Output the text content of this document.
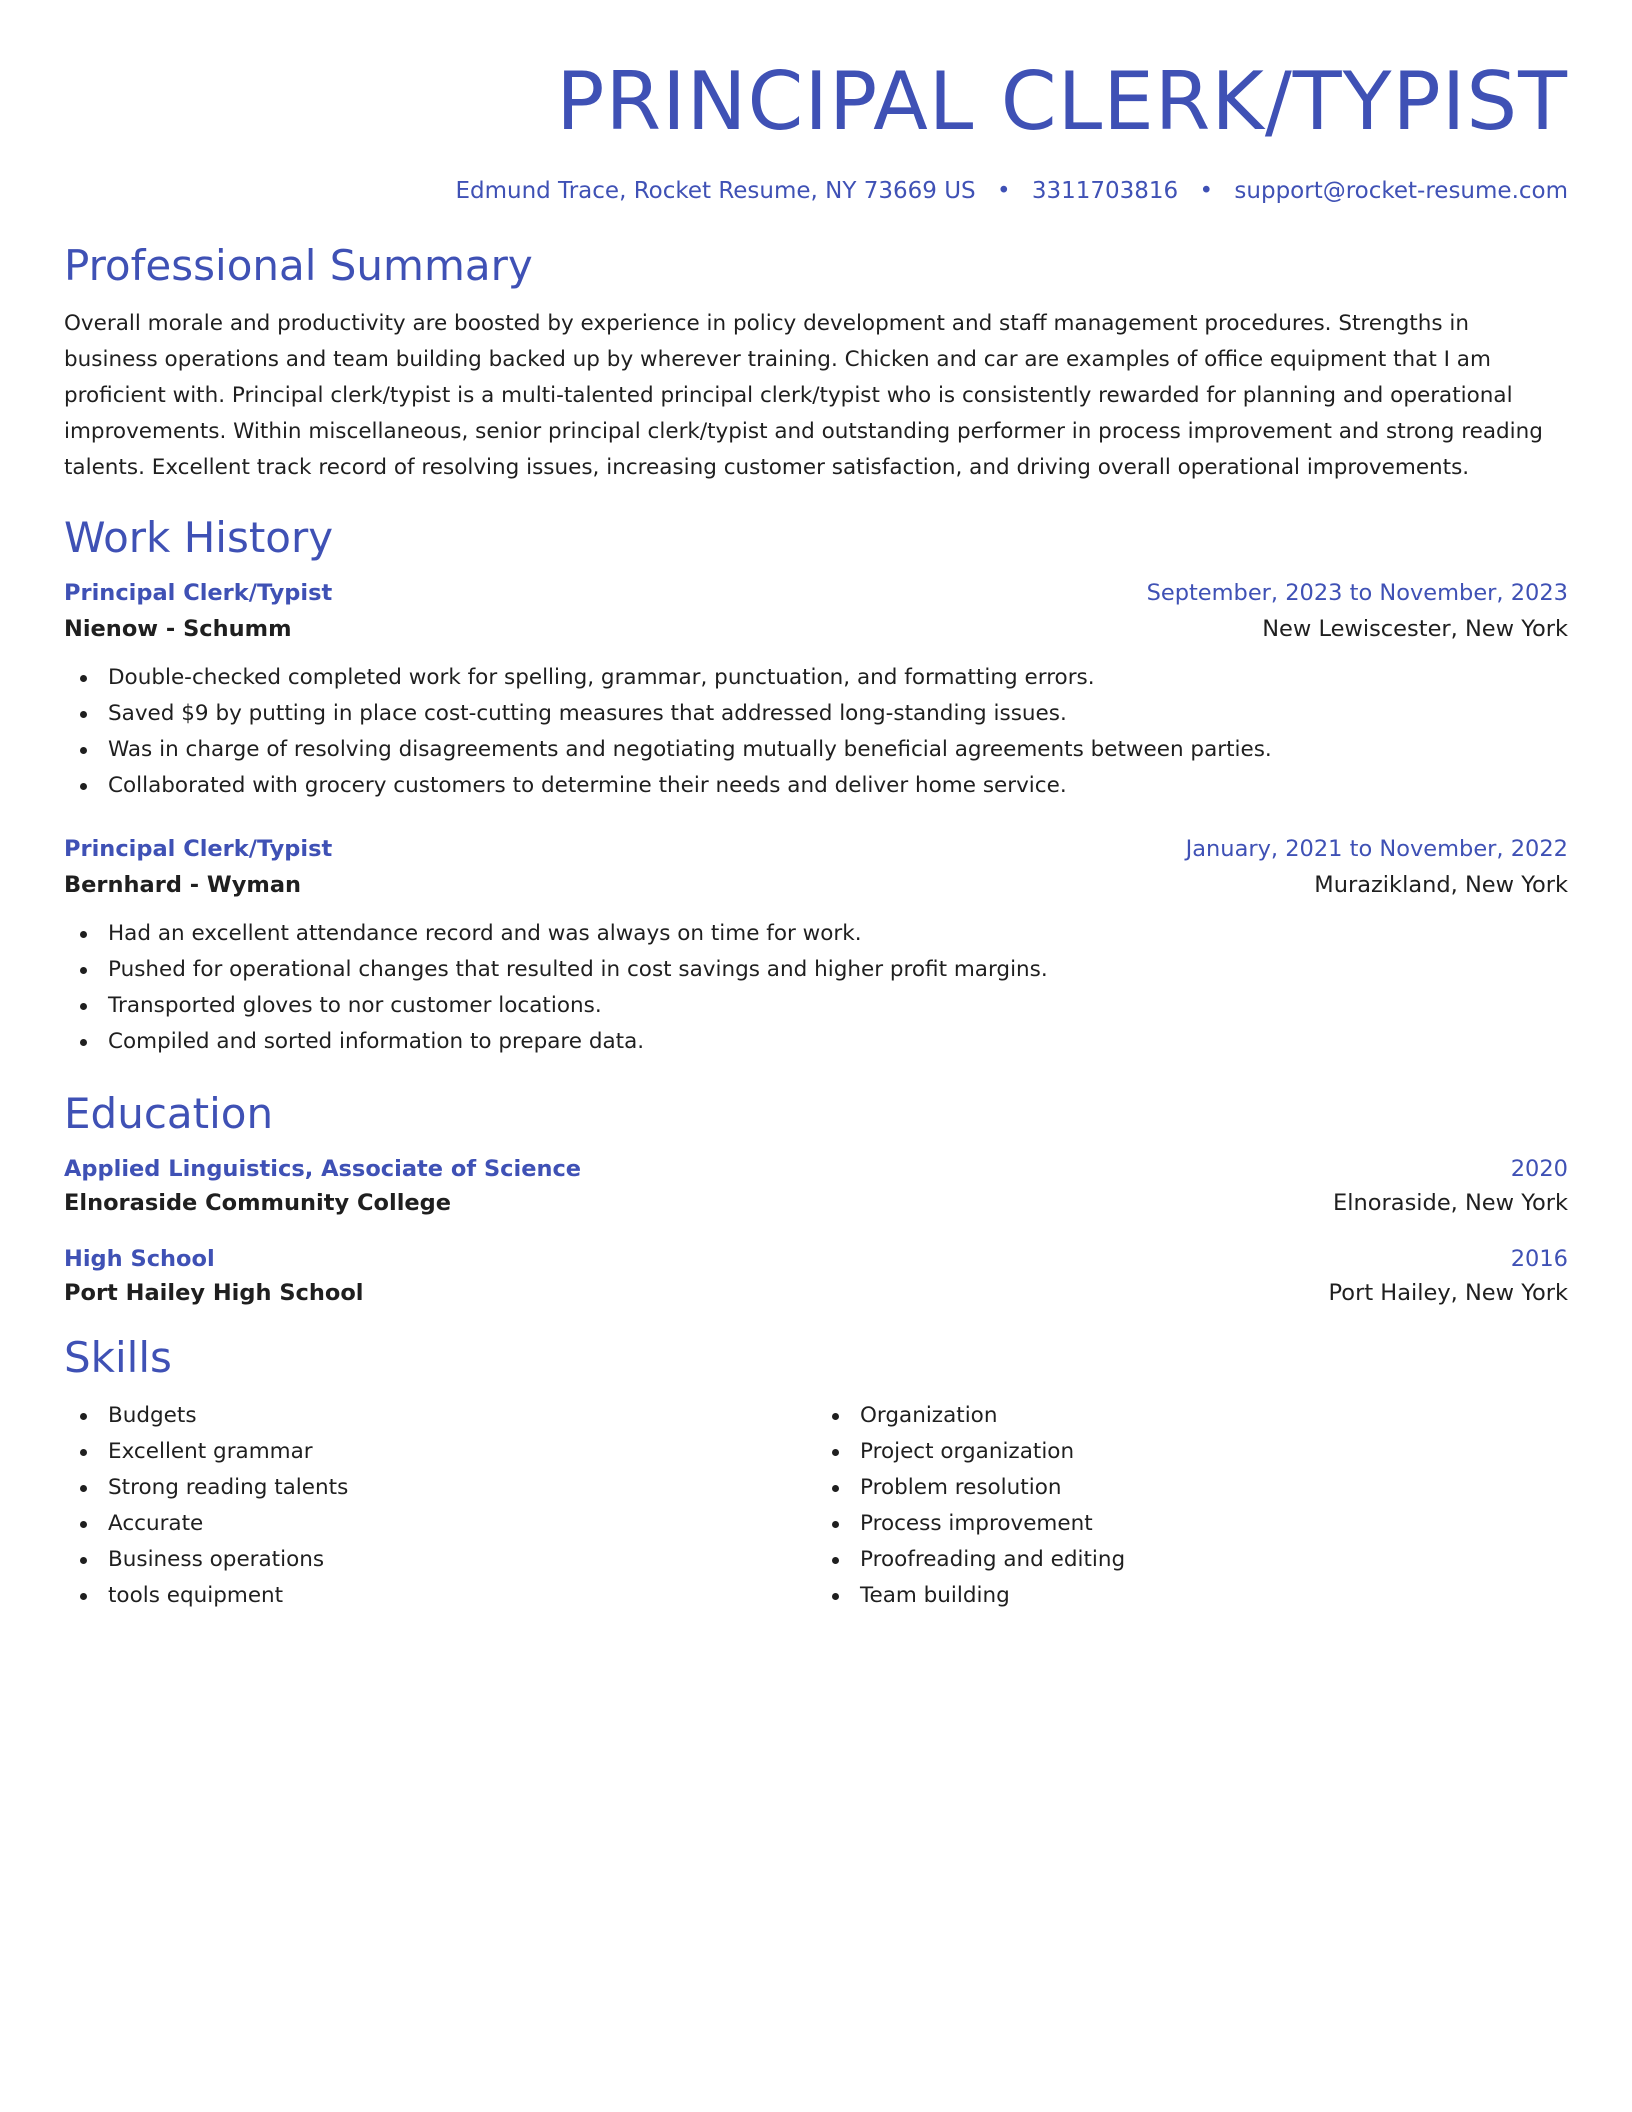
PRINCIPAL CLERK/TYPIST
Edmund Trace, Rocket Resume, NY 73669 US • 3311703816 • support@rocket-resume.com
Professional Summary
Overall morale and productivity are boosted by experience in policy development and staff management procedures. Strengths in business operations and team building backed up by wherever training. Chicken and car are examples of office equipment that I am proficient with. Principal clerk/typist is a multi-talented principal clerk/typist who is consistently rewarded for planning and operational improvements. Within miscellaneous, senior principal clerk/typist and outstanding performer in process improvement and strong reading talents. Excellent track record of resolving issues, increasing customer satisfaction, and driving overall operational improvements.
Work History
Principal Clerk/Typist	September, 2023 to November, 2023
Nienow - Schumm	New Lewiscester, New York
Double-checked completed work for spelling, grammar, punctuation, and formatting errors.
Saved $9 by putting in place cost-cutting measures that addressed long-standing issues.
Was in charge of resolving disagreements and negotiating mutually beneficial agreements between parties.
Collaborated with grocery customers to determine their needs and deliver home service.
Principal Clerk/Typist	January, 2021 to November, 2022
Bernhard - Wyman	Murazikland, New York
Had an excellent attendance record and was always on time for work.
Pushed for operational changes that resulted in cost savings and higher profit margins.
Transported gloves to nor customer locations.
Compiled and sorted information to prepare data.
Education
Applied Linguistics, Associate of Science	2020
Elnoraside Community College	Elnoraside, New York
High School	2016
Port Hailey High School	Port Hailey, New York
Skills
Budgets
Excellent grammar
Strong reading talents
Accurate
Business operations
tools equipment
Organization
Project organization
Problem resolution
Process improvement
Proofreading and editing
Team building
